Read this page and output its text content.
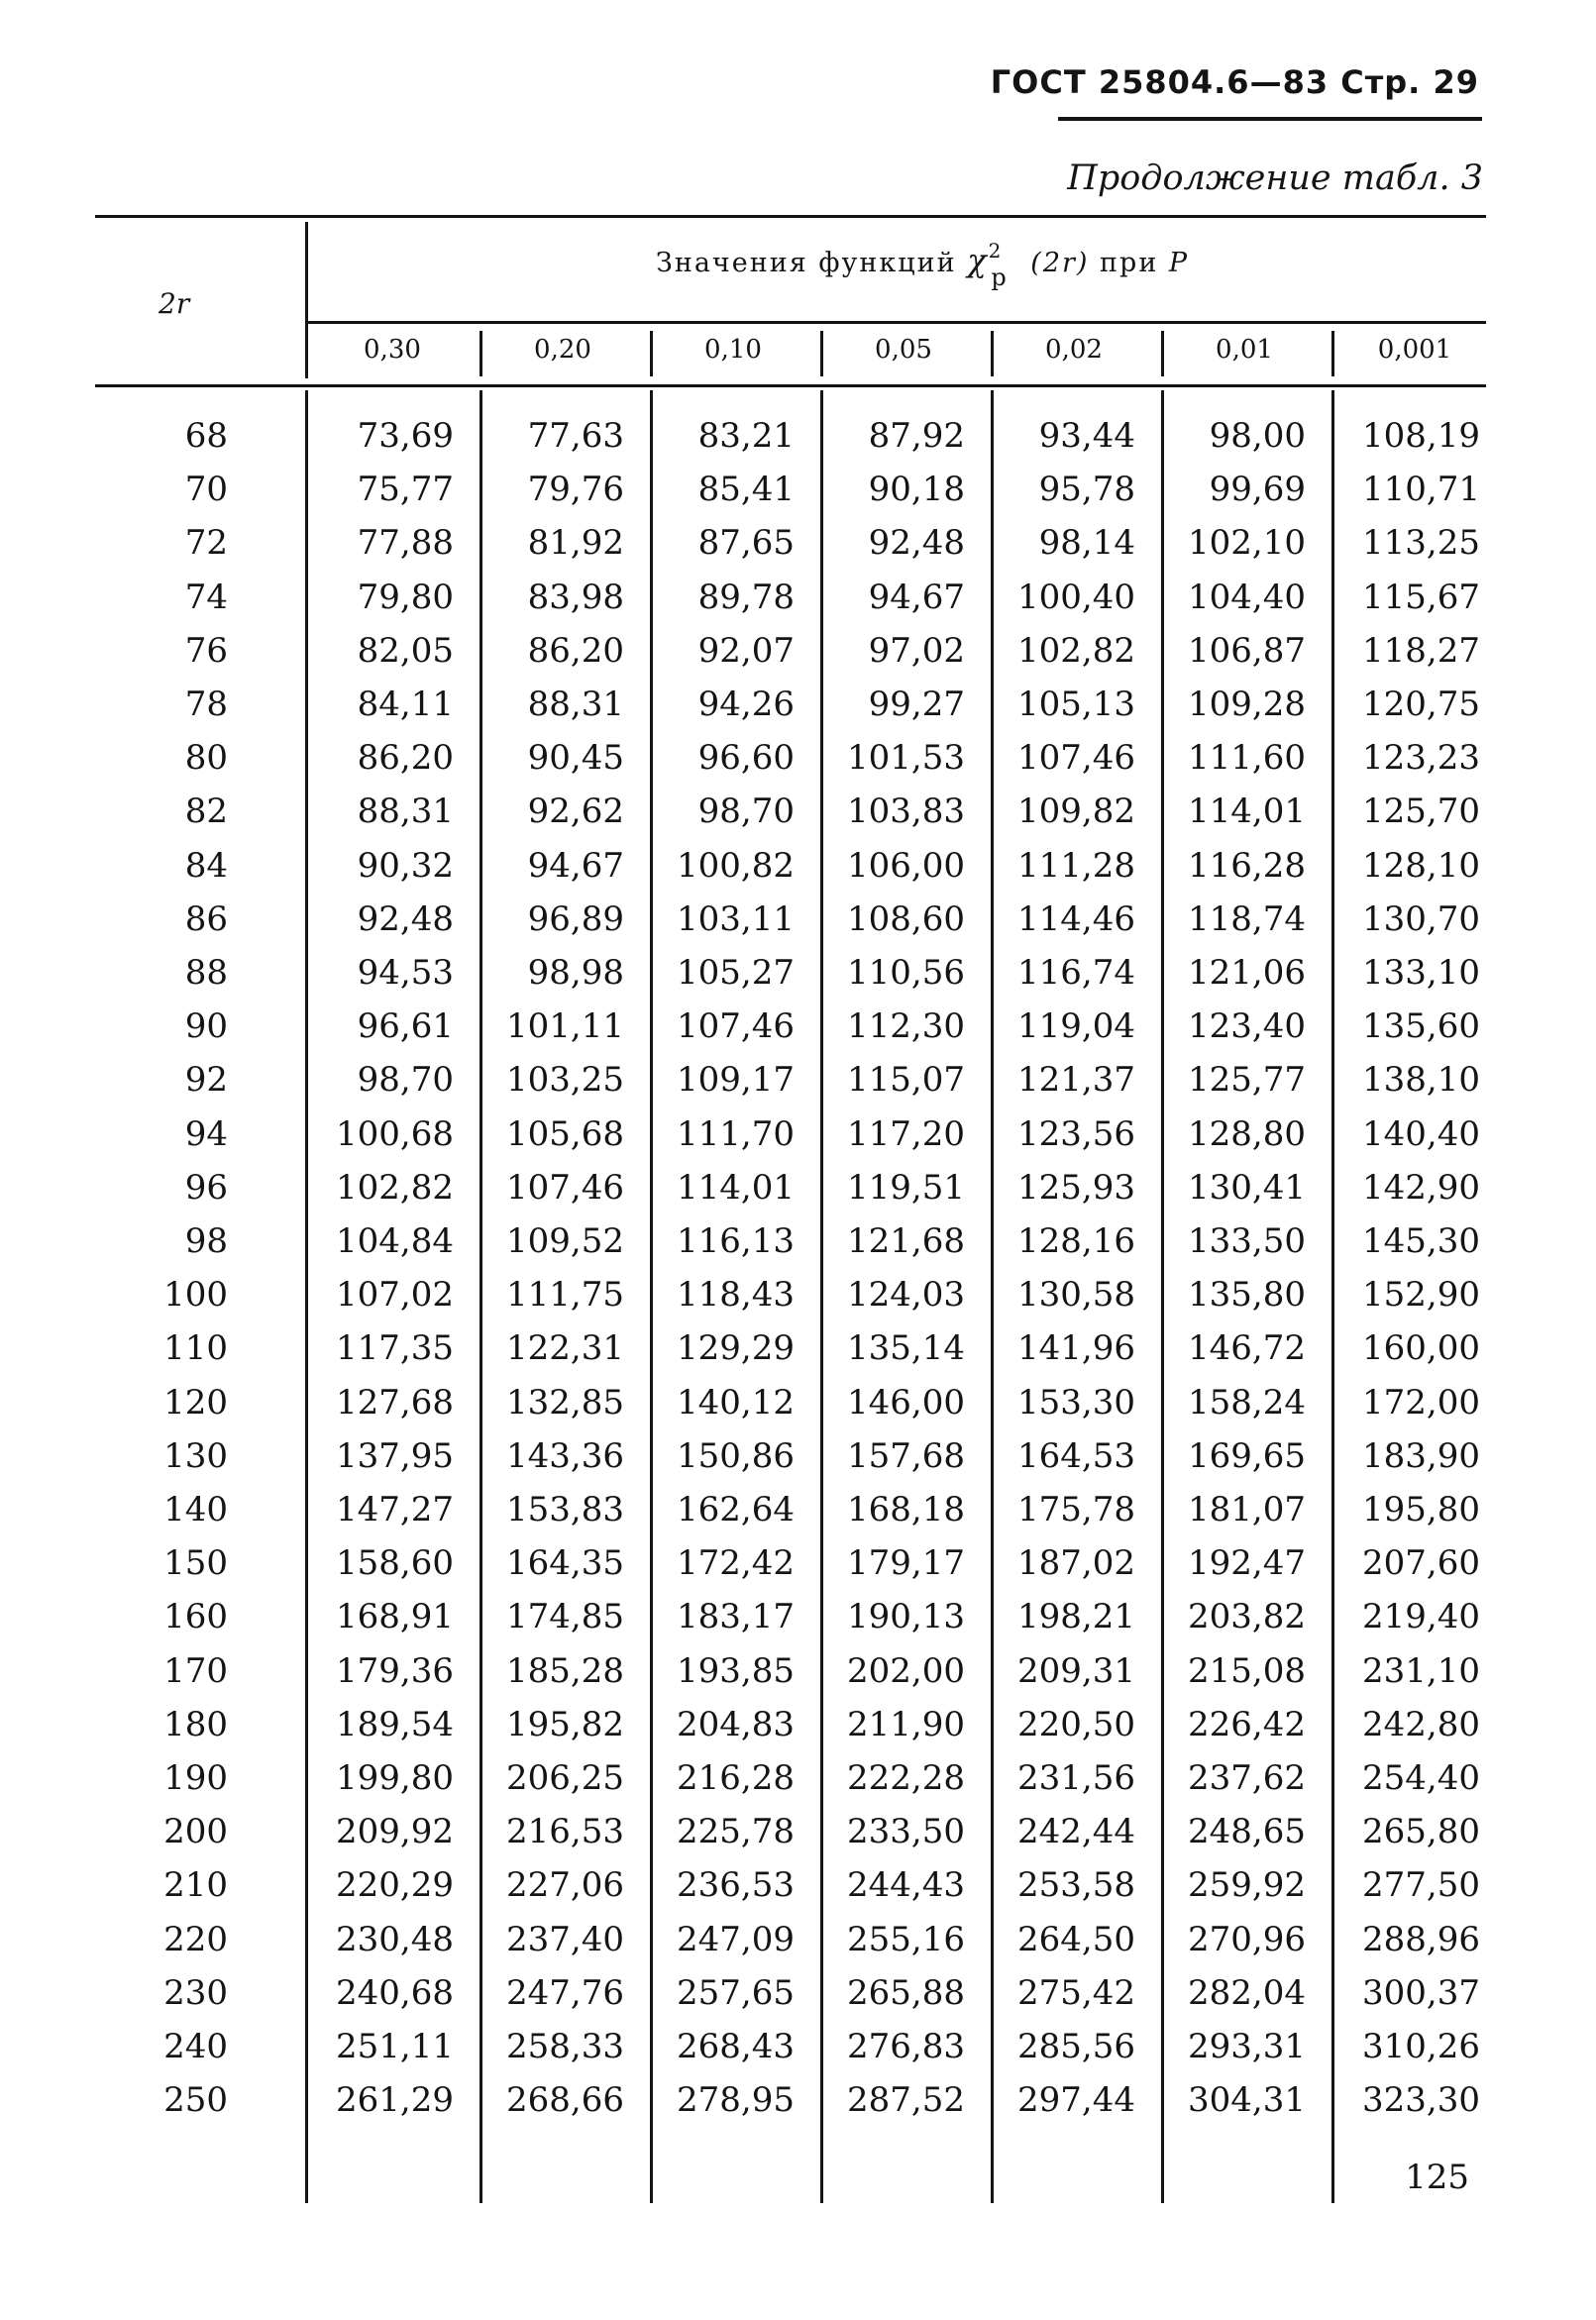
ГОСТ 25804.6—83 Стр. 29
Продолжение табл. 3
2r
Значения функций $\chi^2p$ (2r) при P
0,30	0,20	0,10	0,05	0,02	0,01	0,001
68	73,69 77,63 83,21 87,92 93,44 98,00 108,19
70	75,77 79,76 85,41 90,18 95,78 99,69 110,71
72	77,88 81,92 87,65 92,48 98,14 102,10 113,25
74	79,80 83,98 89,78 94,67 100,40 104,40 115,67
76	82,05 86,20 92,07 97,02 102,82 106,87 118,27
78	84,11 88,31 94,26 99,27 105,13 109,28 120,75
80	86,20 90,45 96,60 101,53 107,46 111,60 123,23
82	88,31 92,62 98,70 103,83 109,82 114,01 125,70
84	90,32 94,67 100,82 106,00 111,28 116,28 128,10
86	92,48 96,89 103,11 108,60 114,46 118,74 130,70
88	94,53 98,98 105,27 110,56 116,74 121,06 133,10
90	96,61 101,11 107,46 112,30 119,04 123,40 135,60
92	98,70 103,25 109,17 115,07 121,37 125,77 138,10
94	100,68 105,68 111,70 117,20 123,56 128,80 140,40
96	102,82 107,46 114,01 119,51 125,93 130,41 142,90
98	104,84 109,52 116,13 121,68 128,16 133,50 145,30
100	107,02 111,75 118,43 124,03 130,58 135,80 152,90
110	117,35 122,31 129,29 135,14 141,96 146,72 160,00
120	127,68 132,85 140,12 146,00 153,30 158,24 172,00
130	137,95 143,36 150,86 157,68 164,53 169,65 183,90
140	147,27 153,83 162,64 168,18 175,78 181,07 195,80
150	158,60 164,35 172,42 179,17 187,02 192,47 207,60
160	168,91 174,85 183,17 190,13 198,21 203,82 219,40
170	179,36 185,28 193,85 202,00 209,31 215,08 231,10
180	189,54 195,82 204,83 211,90 220,50 226,42 242,80
190	199,80 206,25 216,28 222,28 231,56 237,62 254,40
200	209,92 216,53 225,78 233,50 242,44 248,65 265,80
210	220,29 227,06 236,53 244,43 253,58 259,92 277,50
220	230,48 237,40 247,09 255,16 264,50 270,96 288,96
230	240,68 247,76 257,65 265,88 275,42 282,04 300,37
240	251,11 258,33 268,43 276,83 285,56 293,31 310,26
250	261,29 268,66 278,95 287,52 297,44 304,31 323,30
125
